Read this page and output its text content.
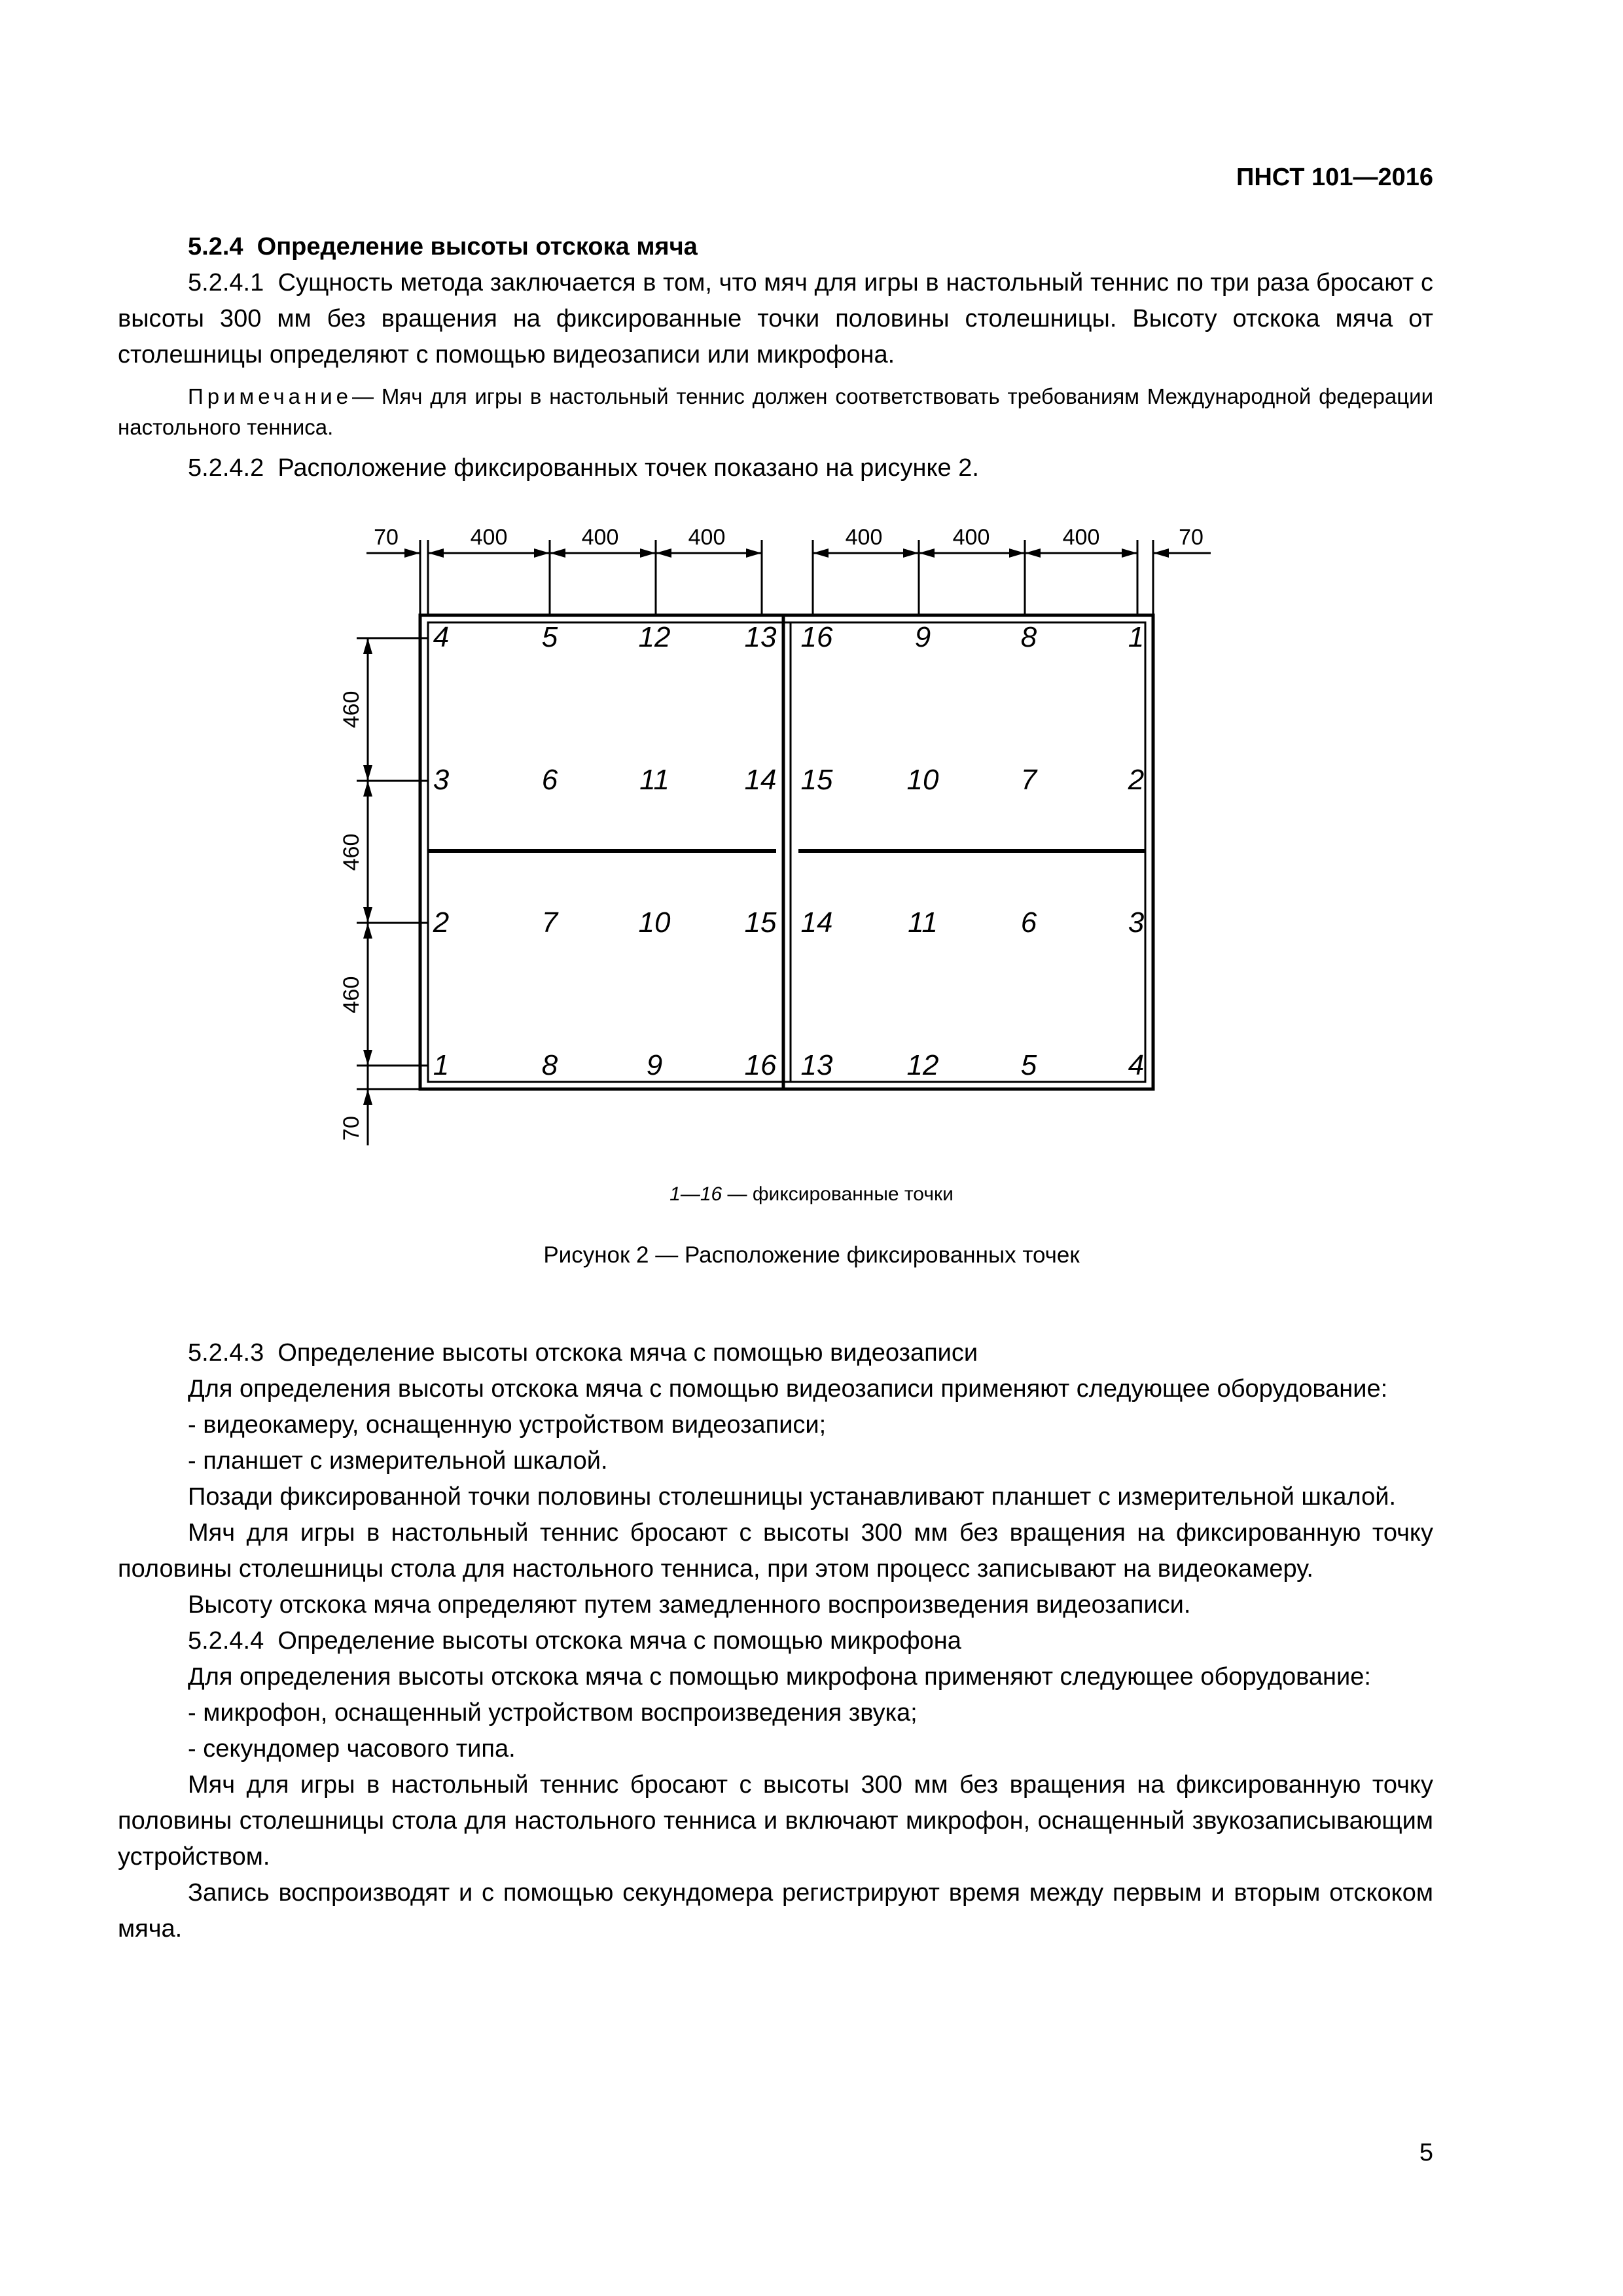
ПНСТ 101—2016

5.2.4 Определение высоты отскока мяча

5.2.4.1 Сущность метода заключается в том, что мяч для игры в настольный теннис по три раза бросают с высоты 300 мм без вращения на фиксированные точки половины столешницы. Высоту отскока мяча от столешницы определяют с помощью видеозаписи или микрофона.

Примечание— Мяч для игры в настольный теннис должен соответствовать требованиям Международной федерации настольного тенниса.

5.2.4.2 Расположение фиксированных точек показано на рисунке 2.

70	400	400	400	400	400	400	70
460
460
460
70
4	5	12	13
3	6	11	14
2	7	10	15
1	8	9	16
16	9	8	1
15	10	7	2
14	11	6	3
13	12	5	4
1—16 — фиксированные точки
Рисунок 2 — Расположение фиксированных точек

5.2.4.3 Определение высоты отскока мяча с помощью видеозаписи

Для определения высоты отскока мяча с помощью видеозаписи применяют следующее оборудование:

- видеокамеру, оснащенную устройством видеозаписи;

- планшет с измерительной шкалой.

Позади фиксированной точки половины столешницы устанавливают планшет с измерительной шкалой.

Мяч для игры в настольный теннис бросают с высоты 300 мм без вращения на фиксированную точку половины столешницы стола для настольного тенниса, при этом процесс записывают на видеокамеру.

Высоту отскока мяча определяют путем замедленного воспроизведения видеозаписи.

5.2.4.4 Определение высоты отскока мяча с помощью микрофона

Для определения высоты отскока мяча с помощью микрофона применяют следующее оборудование:

- микрофон, оснащенный устройством воспроизведения звука;

- секундомер часового типа.

Мяч для игры в настольный теннис бросают с высоты 300 мм без вращения на фиксированную точку половины столешницы стола для настольного тенниса и включают микрофон, оснащенный звукозаписывающим устройством.

Запись воспроизводят и с помощью секундомера регистрируют время между первым и вторым отскоком мяча.

5
